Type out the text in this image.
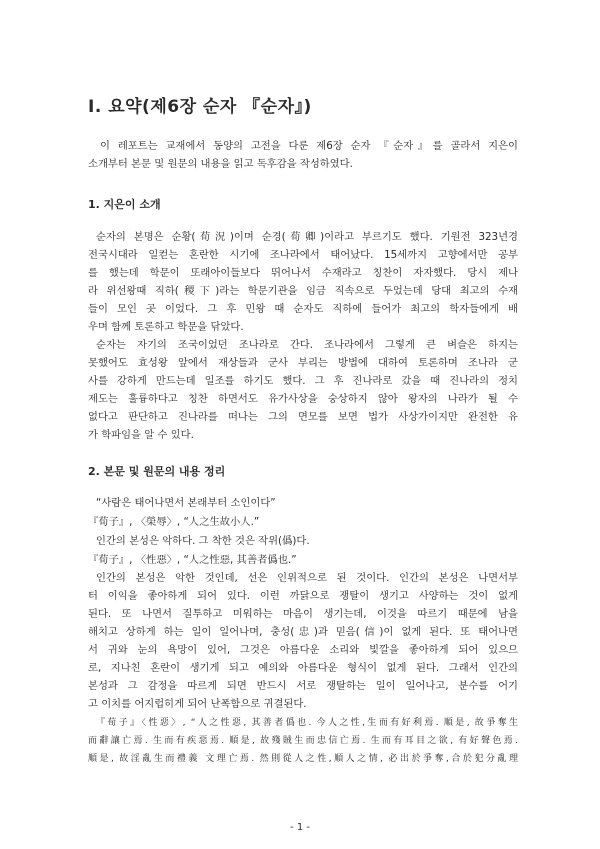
Ⅰ. 요약(제6장 순자 『순자』)
이 레포트는 교재에서 동양의 고전을 다룬 제6장 순자 『순자』를 골라서 지은이
소개부터 본문 및 원문의 내용을 읽고 독후감을 작성하였다.
1. 지은이 소개
순자의 본명은 순황(荀況)이며 순경(荀卿)이라고 부르기도 했다. 기원전 323년경
전국시대라 일컫는 혼란한 시기에 조나라에서 태어났다. 15세까지 고향에서만 공부
를 했는데 학문이 또래아이들보다 뛰어나서 수재라고 칭찬이 자자했다. 당시 제나
라 위선왕때 직하(稷下)라는 학문기관을 임금 직속으로 두었는데 당대 최고의 수재
들이 모인 곳 이었다. 그 후 민왕 때 순자도 직하에 들어가 최고의 학자들에게 배
우며 함께 토론하고 학문을 닦았다.
순자는 자기의 조국이었던 조나라로 간다. 조나라에서 그렇게 큰 벼슬은 하지는
못했어도 효성왕 앞에서 재상들과 군사 부리는 방법에 대하여 토론하며 조나라 군
사를 강하게 만드는데 일조를 하기도 했다. 그 후 진나라로 갔을 때 진나라의 정치
제도는 훌륭하다고 칭찬 하면서도 유가사상을 숭상하지 않아 왕자의 나라가 될 수
없다고 판단하고 진나라를 떠나는 그의 면모를 보면 법가 사상가이지만 완전한 유
가 학파임을 알 수 있다.
2. 본문 및 원문의 내용 정리
“사람은 태어나면서 본래부터 소인이다”
『荀子』, 〈榮辱〉, “人之生故小人.”
인간의 본성은 악하다. 그 착한 것은 작위(僞)다.
『荀子』, 〈性惡〉, “人之性惡, 其善者僞也.”
인간의 본성은 악한 것인데, 선은 인위적으로 된 것이다. 인간의 본성은 나면서부
터 이익을 좋아하게 되어 있다. 이런 까닭으로 쟁탈이 생기고 사양하는 것이 없게
된다. 또 나면서 질투하고 미워하는 마음이 생기는데, 이것을 따르기 때문에 남을
해치고 상하게 하는 일이 일어나며, 충성(忠)과 믿음(信)이 없게 된다. 또 태어나면
서 귀와 눈의 욕망이 있어, 그것은 아름다운 소리와 빛깔을 좋아하게 되어 있으므
로, 지나친 혼란이 생기게 되고 예의와 아름다운 형식이 없게 된다. 그래서 인간의
본성과 그 감정을 따르게 되면 반드시 서로 쟁탈하는 일이 일어나고, 분수를 어기
고 이치를 어지럽히게 되어 난폭함으로 귀결된다.
『荀子』〈性惡〉, “人之性惡, 其善者僞也. 今人之性,生而有好利焉. 順是, 故爭奪生
而辭讓亡焉. 生而有疾惡焉. 順是, 故殘賊生而忠信亡焉. 生而有耳目之欲, 有好聲色焉.
順是, 故淫亂生而禮義 文理亡焉. 然則從人之性,順人之情, 必出於爭奪,合於犯分亂理
- 1 -
